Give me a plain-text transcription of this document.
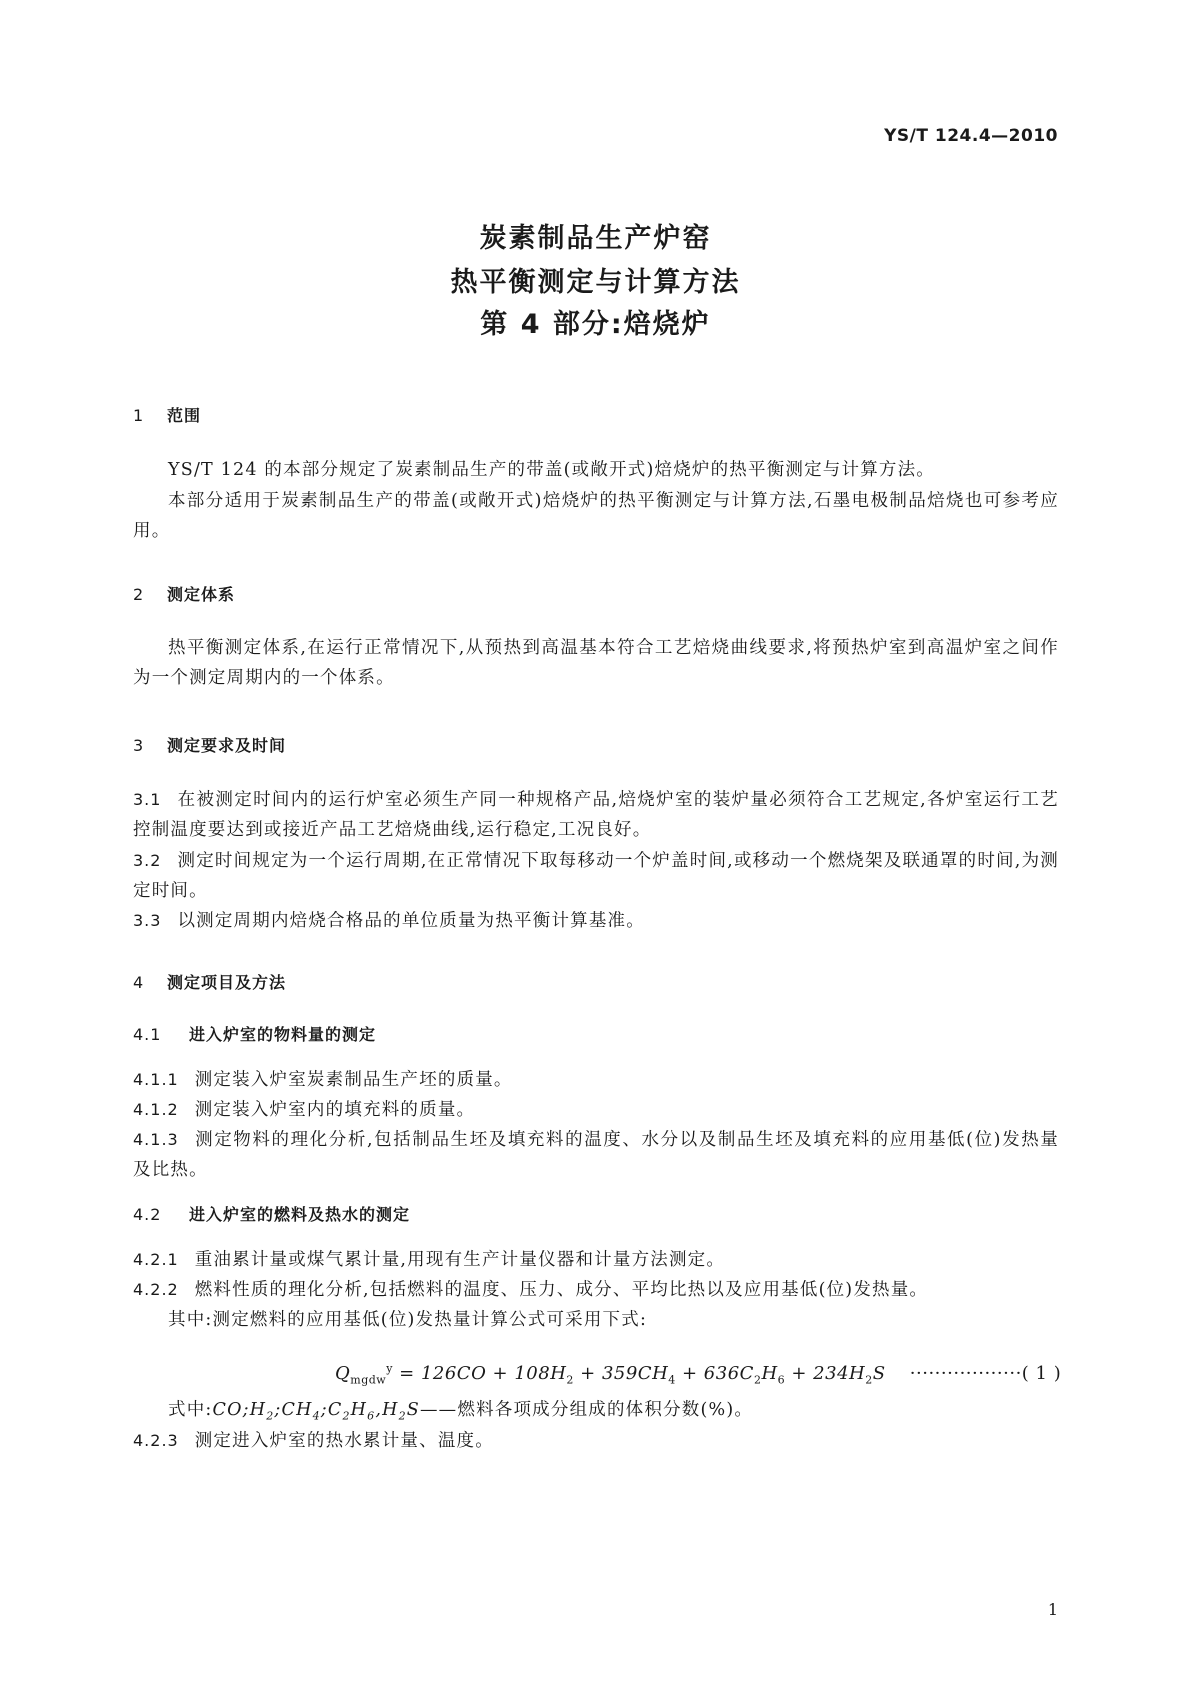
YS/T 124.4—2010
炭素制品生产炉窑
热平衡测定与计算方法
第 4 部分:焙烧炉
1 范围
YS/T 124 的本部分规定了炭素制品生产的带盖(或敞开式)焙烧炉的热平衡测定与计算方法。
本部分适用于炭素制品生产的带盖(或敞开式)焙烧炉的热平衡测定与计算方法,石墨电极制品焙烧也可参考应用。
2 测定体系
热平衡测定体系,在运行正常情况下,从预热到高温基本符合工艺焙烧曲线要求,将预热炉室到高温炉室之间作为一个测定周期内的一个体系。
3 测定要求及时间
3.1 在被测定时间内的运行炉室必须生产同一种规格产品,焙烧炉室的装炉量必须符合工艺规定,各炉室运行工艺控制温度要达到或接近产品工艺焙烧曲线,运行稳定,工况良好。
3.2 测定时间规定为一个运行周期,在正常情况下取每移动一个炉盖时间,或移动一个燃烧架及联通罩的时间,为测定时间。
3.3 以测定周期内焙烧合格品的单位质量为热平衡计算基准。
4 测定项目及方法
4.1 进入炉室的物料量的测定
4.1.1 测定装入炉室炭素制品生产坯的质量。
4.1.2 测定装入炉室内的填充料的质量。
4.1.3 测定物料的理化分析,包括制品生坯及填充料的温度、水分以及制品生坯及填充料的应用基低(位)发热量及比热。
4.2 进入炉室的燃料及热水的测定
4.2.1 重油累计量或煤气累计量,用现有生产计量仪器和计量方法测定。
4.2.2 燃料性质的理化分析,包括燃料的温度、压力、成分、平均比热以及应用基低(位)发热量。
其中:测定燃料的应用基低(位)发热量计算公式可采用下式:
$Q_{mgdw}^y = 126CO + 108H_2 + 359CH_4 + 636C_2H_6 + 234H_2S$ ··················( 1 )
式中$:CO;H_2;CH_4;C_2H_6,H_2S——$燃料各项成分组成的体积分数(%)。
4.2.3 测定进入炉室的热水累计量、温度。
1
